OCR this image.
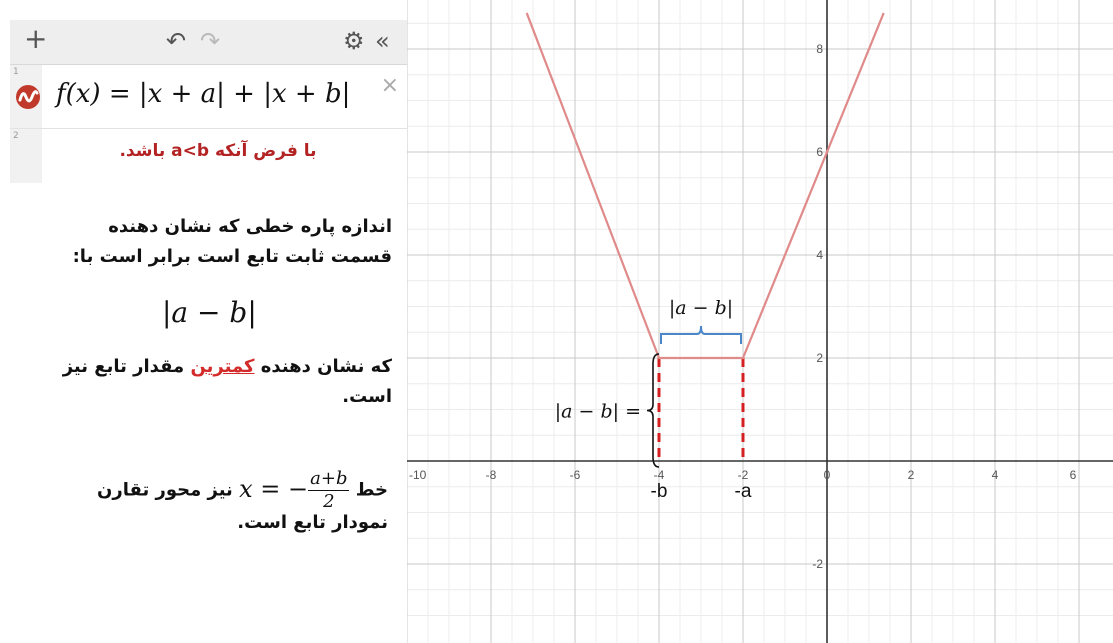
+	↶ ↷	⚙ «
1
f(x) = |x + a| + |x + b| ×
2
با فرض آنکه a<b باشد.
اندازه پاره خطی که نشان دهنده
قسمت ثابت تابع است برابر است با:
|a − b|
که نشان دهنده کمترین مقدار تابع نیز
است.
خط x = − $\frac{a+b}{2}$
نیز محور تقارن
نمودار تابع است.
-10	-8	-6	-4	-2	0	2	4	6
-2
2
4
6
8
|a − b|
|a − b| =
-b	-a
